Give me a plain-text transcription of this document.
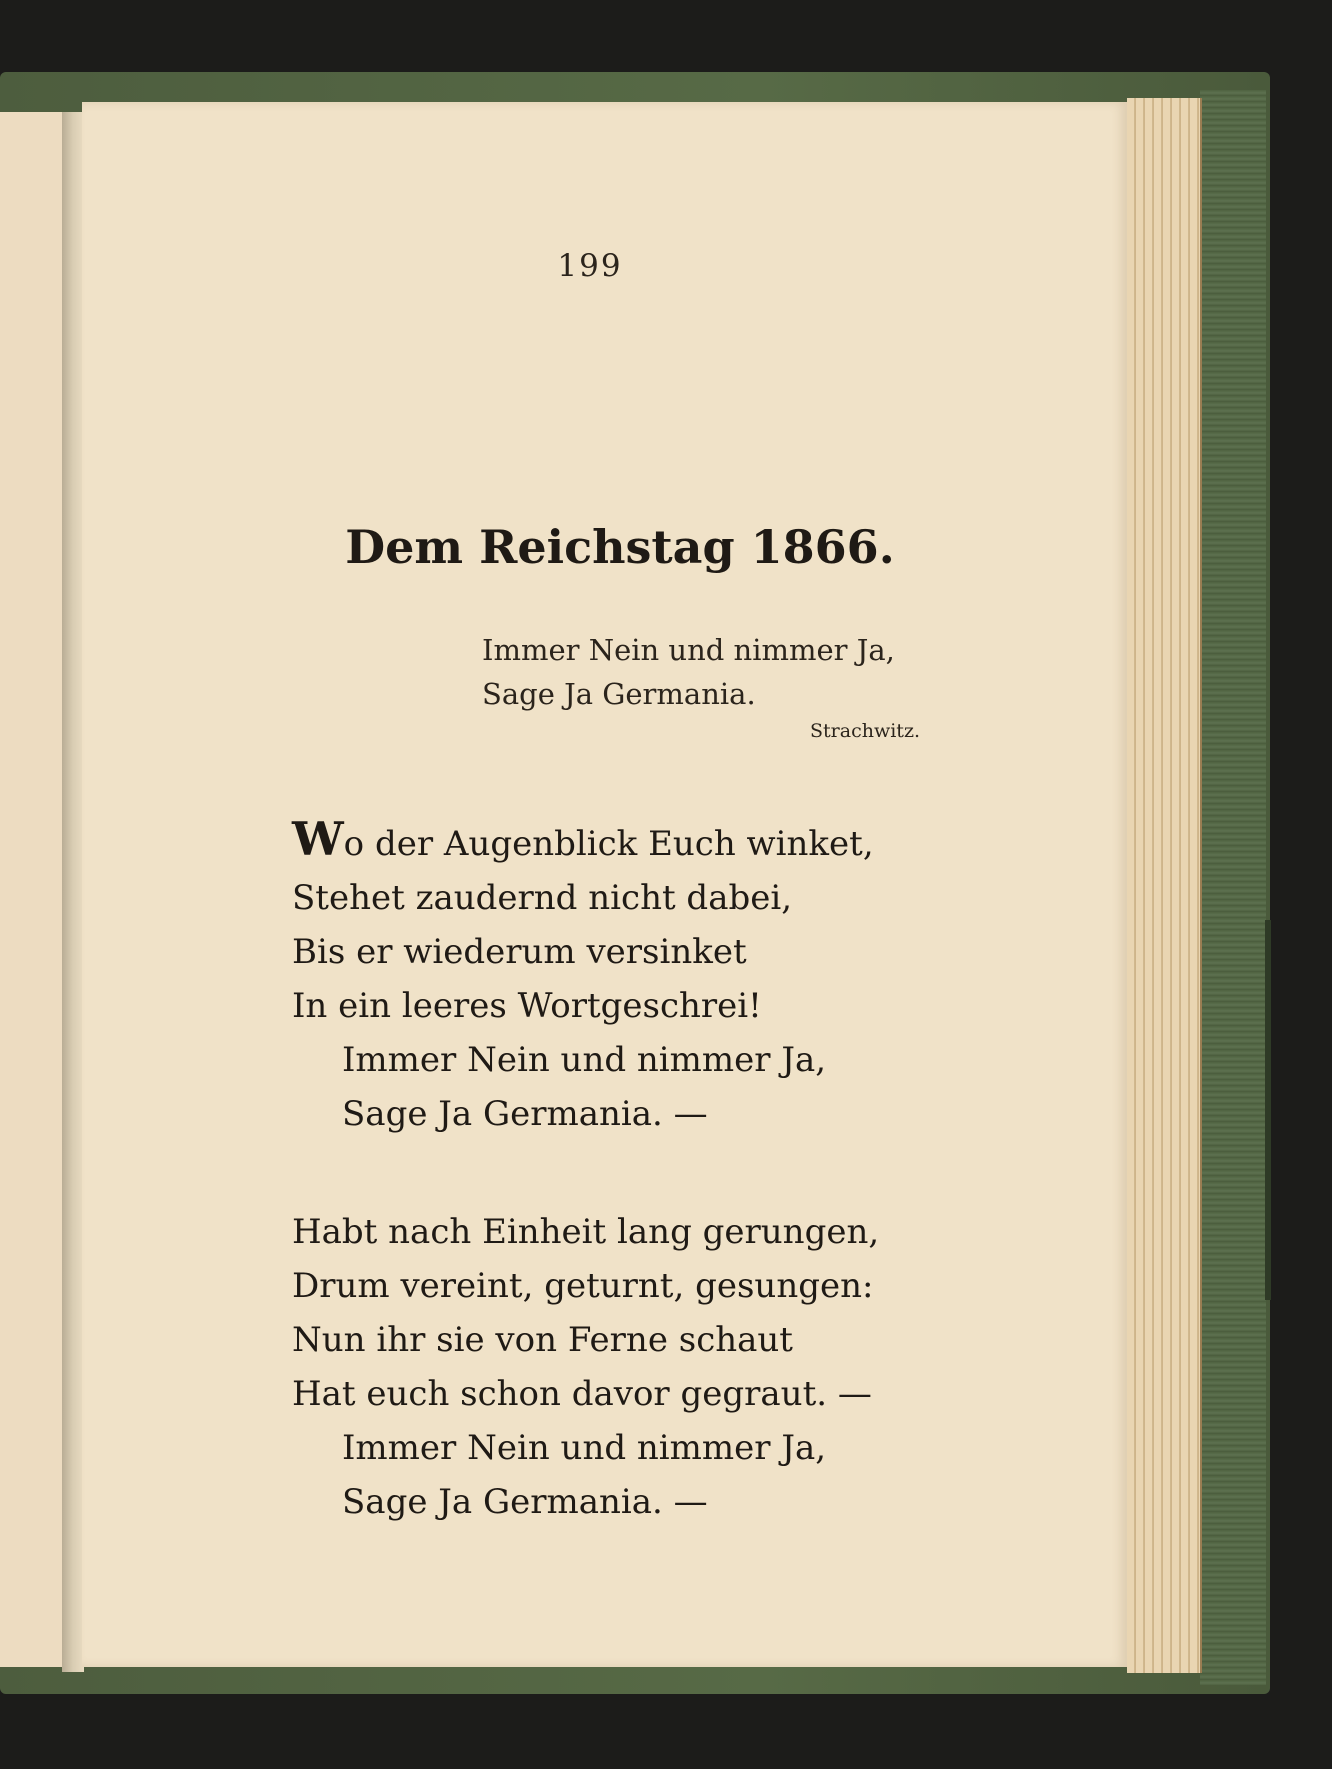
199
Dem Reichstag 1866.
Immer Nein und nimmer Ja,
Sage Ja Germania.
Strachwitz.
Wo der Augenblick Euch winket,
Stehet zaudernd nicht dabei,
Bis er wiederum versinket
In ein leeres Wortgeschrei!
Immer Nein und nimmer Ja,
Sage Ja Germania. —
Habt nach Einheit lang gerungen,
Drum vereint, geturnt, gesungen:
Nun ihr sie von Ferne schaut
Hat euch schon davor gegraut. —
Immer Nein und nimmer Ja,
Sage Ja Germania. —
